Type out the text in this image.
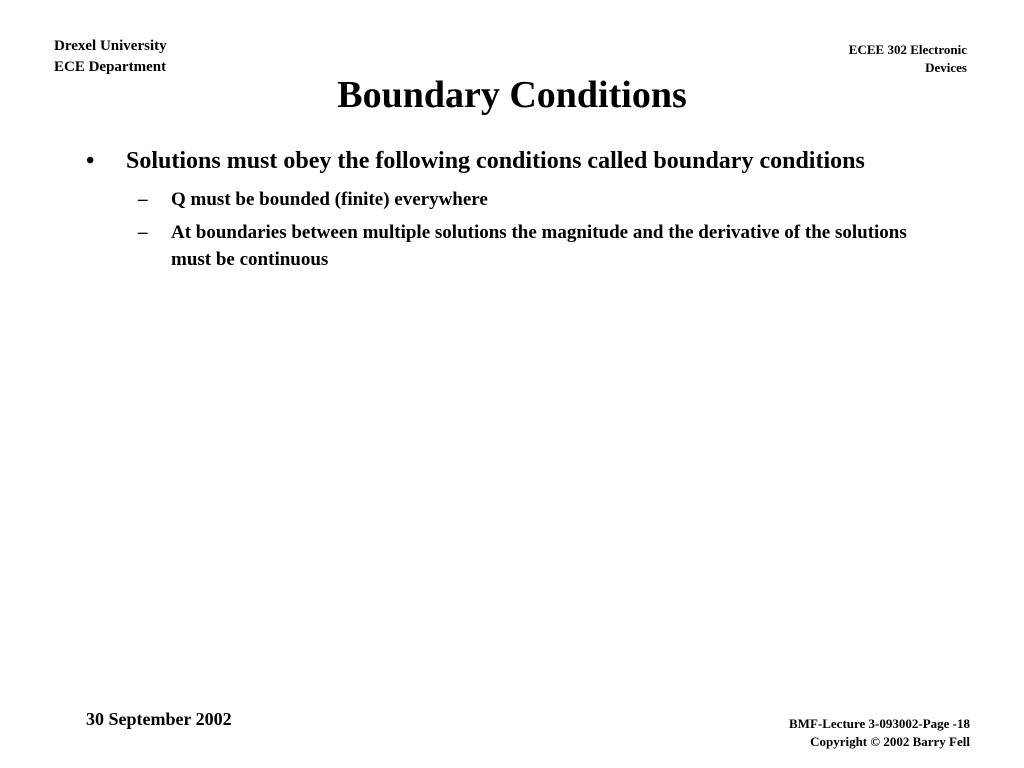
Drexel University
ECE Department
ECEE 302 Electronic
Devices
Boundary Conditions
•	Solutions must obey the following conditions called boundary conditions
–	Q must be bounded (finite) everywhere
–	At boundaries between multiple solutions the magnitude and the derivative of the solutions must be continuous
30 September 2002	BMF-Lecture 3-093002-Page -18
Copyright © 2002 Barry Fell
